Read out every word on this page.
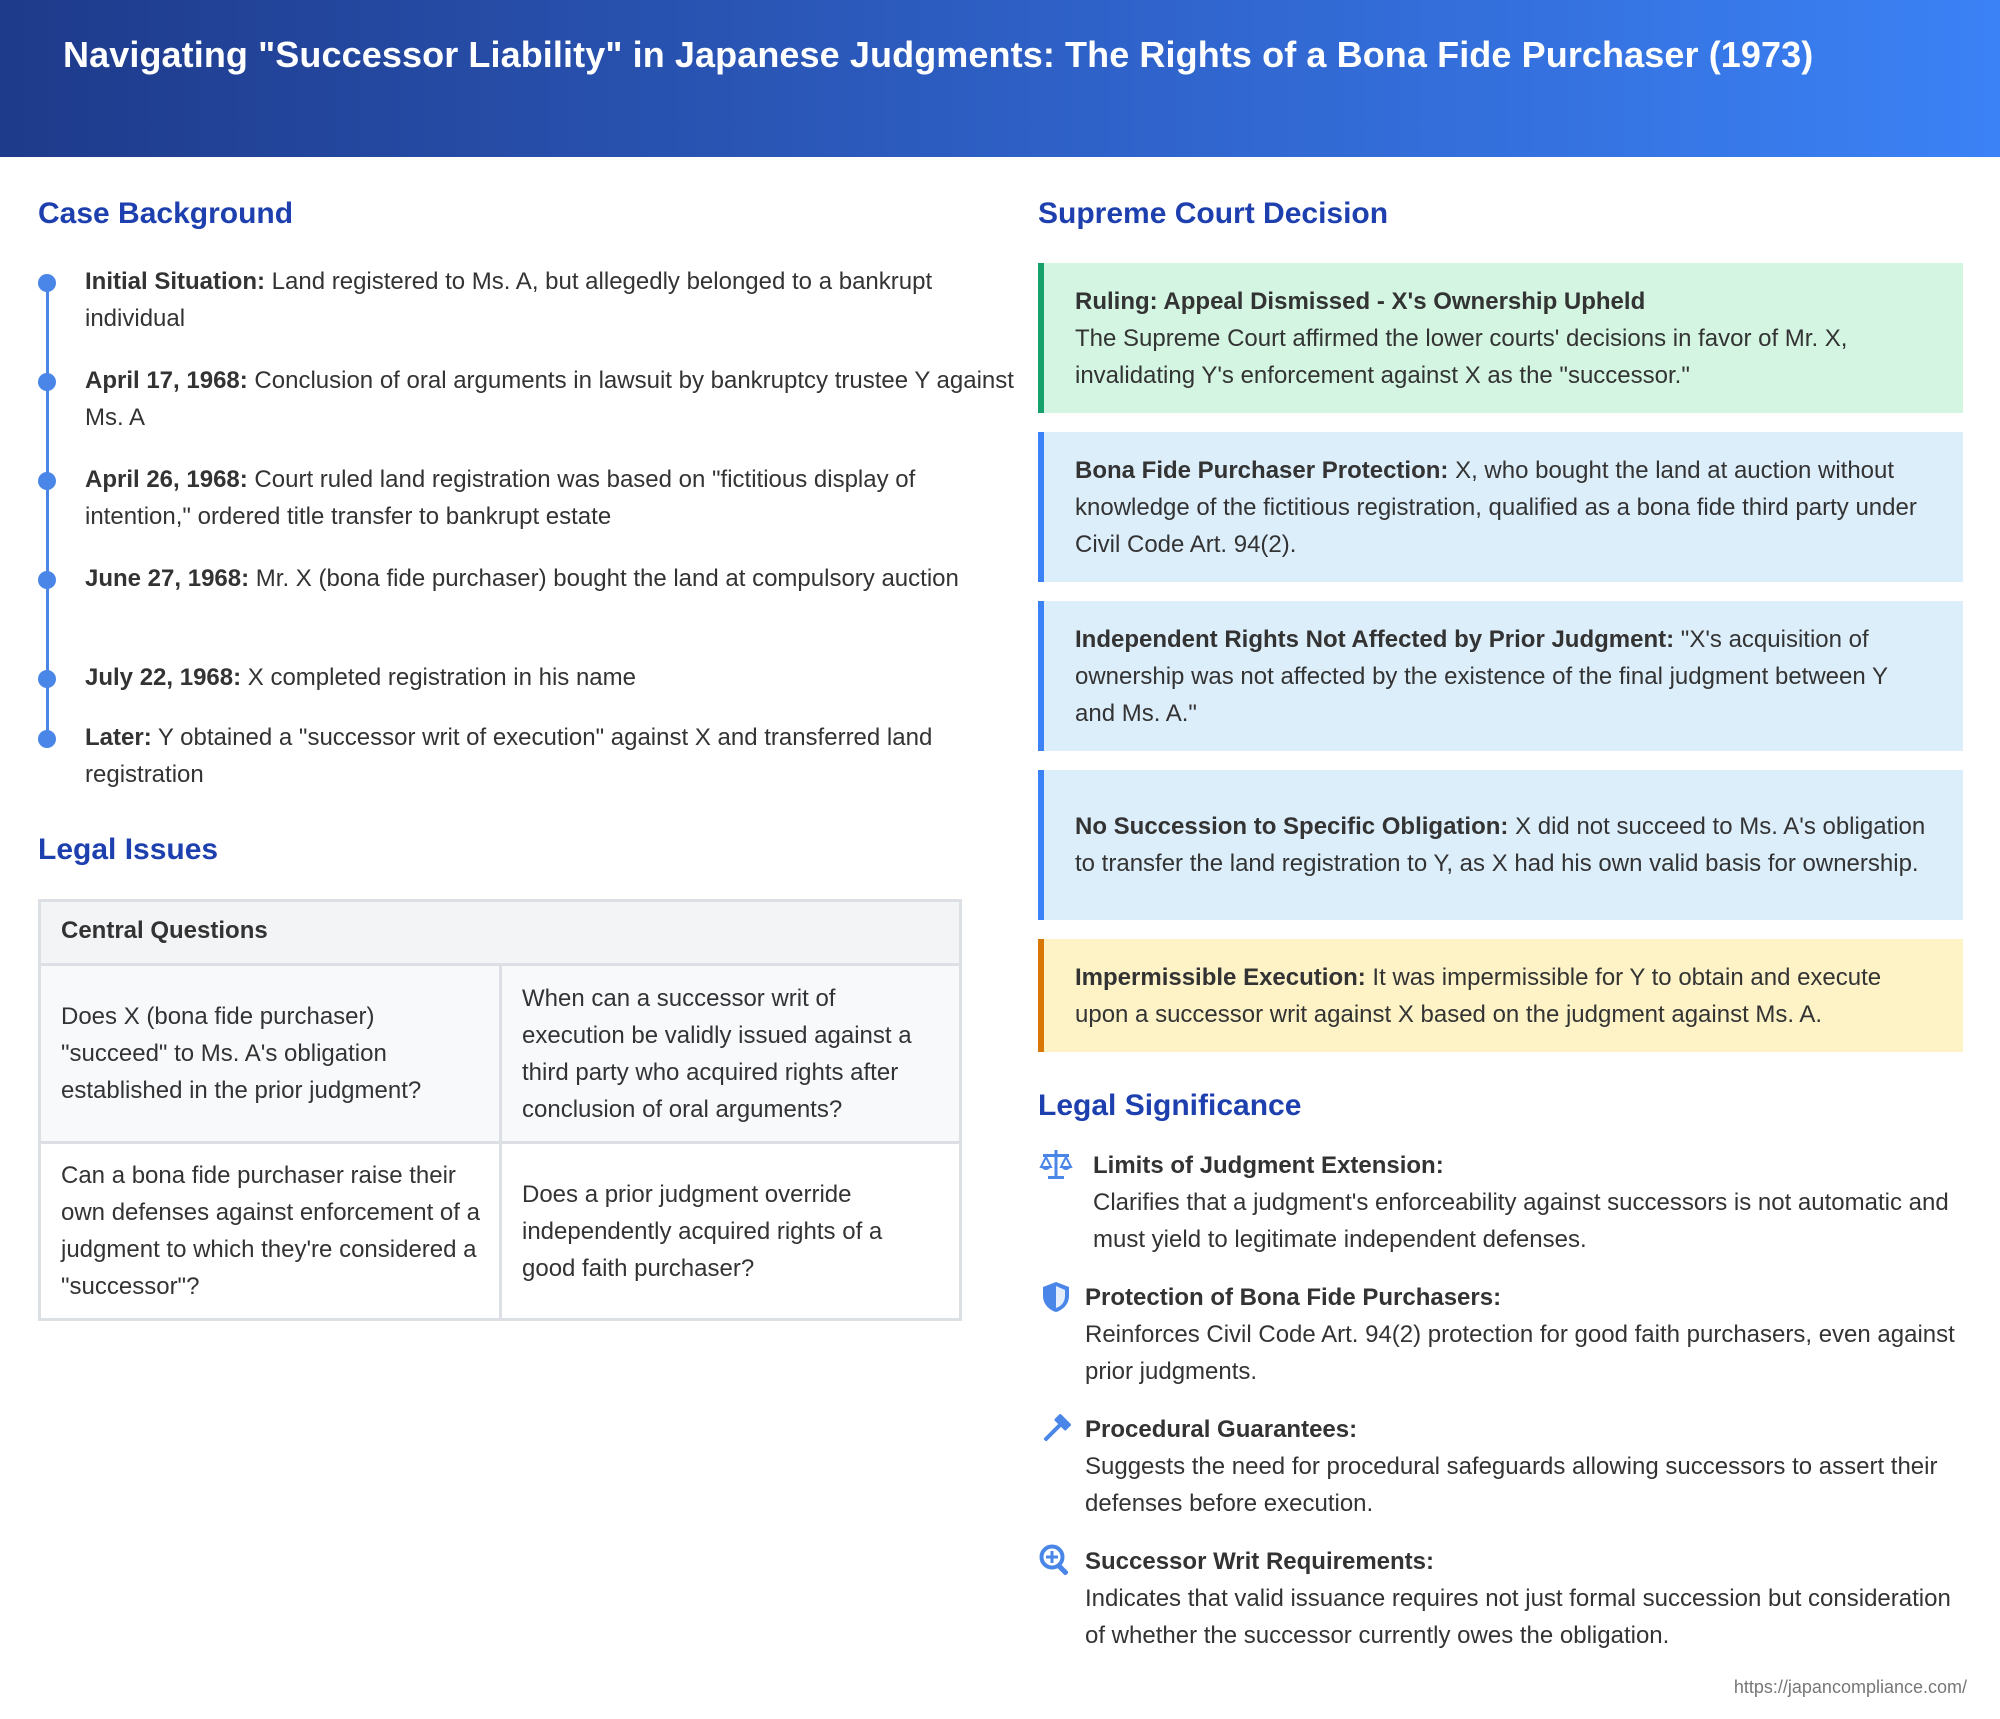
Navigating "Successor Liability" in Japanese Judgments: The Rights of a Bona Fide Purchaser (1973)
Case Background
Initial Situation: Land registered to Ms. A, but allegedly belonged to a bankrupt individual
April 17, 1968: Conclusion of oral arguments in lawsuit by bankruptcy trustee Y against Ms. A
April 26, 1968: Court ruled land registration was based on "fictitious display of intention," ordered title transfer to bankrupt estate
June 27, 1968: Mr. X (bona fide purchaser) bought the land at compulsory auction
July 22, 1968: X completed registration in his name
Later: Y obtained a "successor writ of execution" against X and transferred land registration
Legal Issues
Central Questions
Does X (bona fide purchaser) "succeed" to Ms. A's obligation established in the prior judgment?
When can a successor writ of execution be validly issued against a third party who acquired rights after conclusion of oral arguments?
Can a bona fide purchaser raise their own defenses against enforcement of a judgment to which they're considered a "successor"?
Does a prior judgment override independently acquired rights of a good faith purchaser?
Supreme Court Decision
Ruling: Appeal Dismissed - X's Ownership Upheld
The Supreme Court affirmed the lower courts' decisions in favor of Mr. X, invalidating Y's enforcement against X as the "successor."
Bona Fide Purchaser Protection: X, who bought the land at auction without knowledge of the fictitious registration, qualified as a bona fide third party under Civil Code Art. 94(2).
Independent Rights Not Affected by Prior Judgment: "X's acquisition of ownership was not affected by the existence of the final judgment between Y and Ms. A."
No Succession to Specific Obligation: X did not succeed to Ms. A's obligation to transfer the land registration to Y, as X had his own valid basis for ownership.
Impermissible Execution: It was impermissible for Y to obtain and execute upon a successor writ against X based on the judgment against Ms. A.
Legal Significance
Limits of Judgment Extension:
Clarifies that a judgment's enforceability against successors is not automatic and must yield to legitimate independent defenses.
Protection of Bona Fide Purchasers:
Reinforces Civil Code Art. 94(2) protection for good faith purchasers, even against prior judgments.
Procedural Guarantees:
Suggests the need for procedural safeguards allowing successors to assert their defenses before execution.
Successor Writ Requirements:
Indicates that valid issuance requires not just formal succession but consideration of whether the successor currently owes the obligation.
https://japancompliance.com/
